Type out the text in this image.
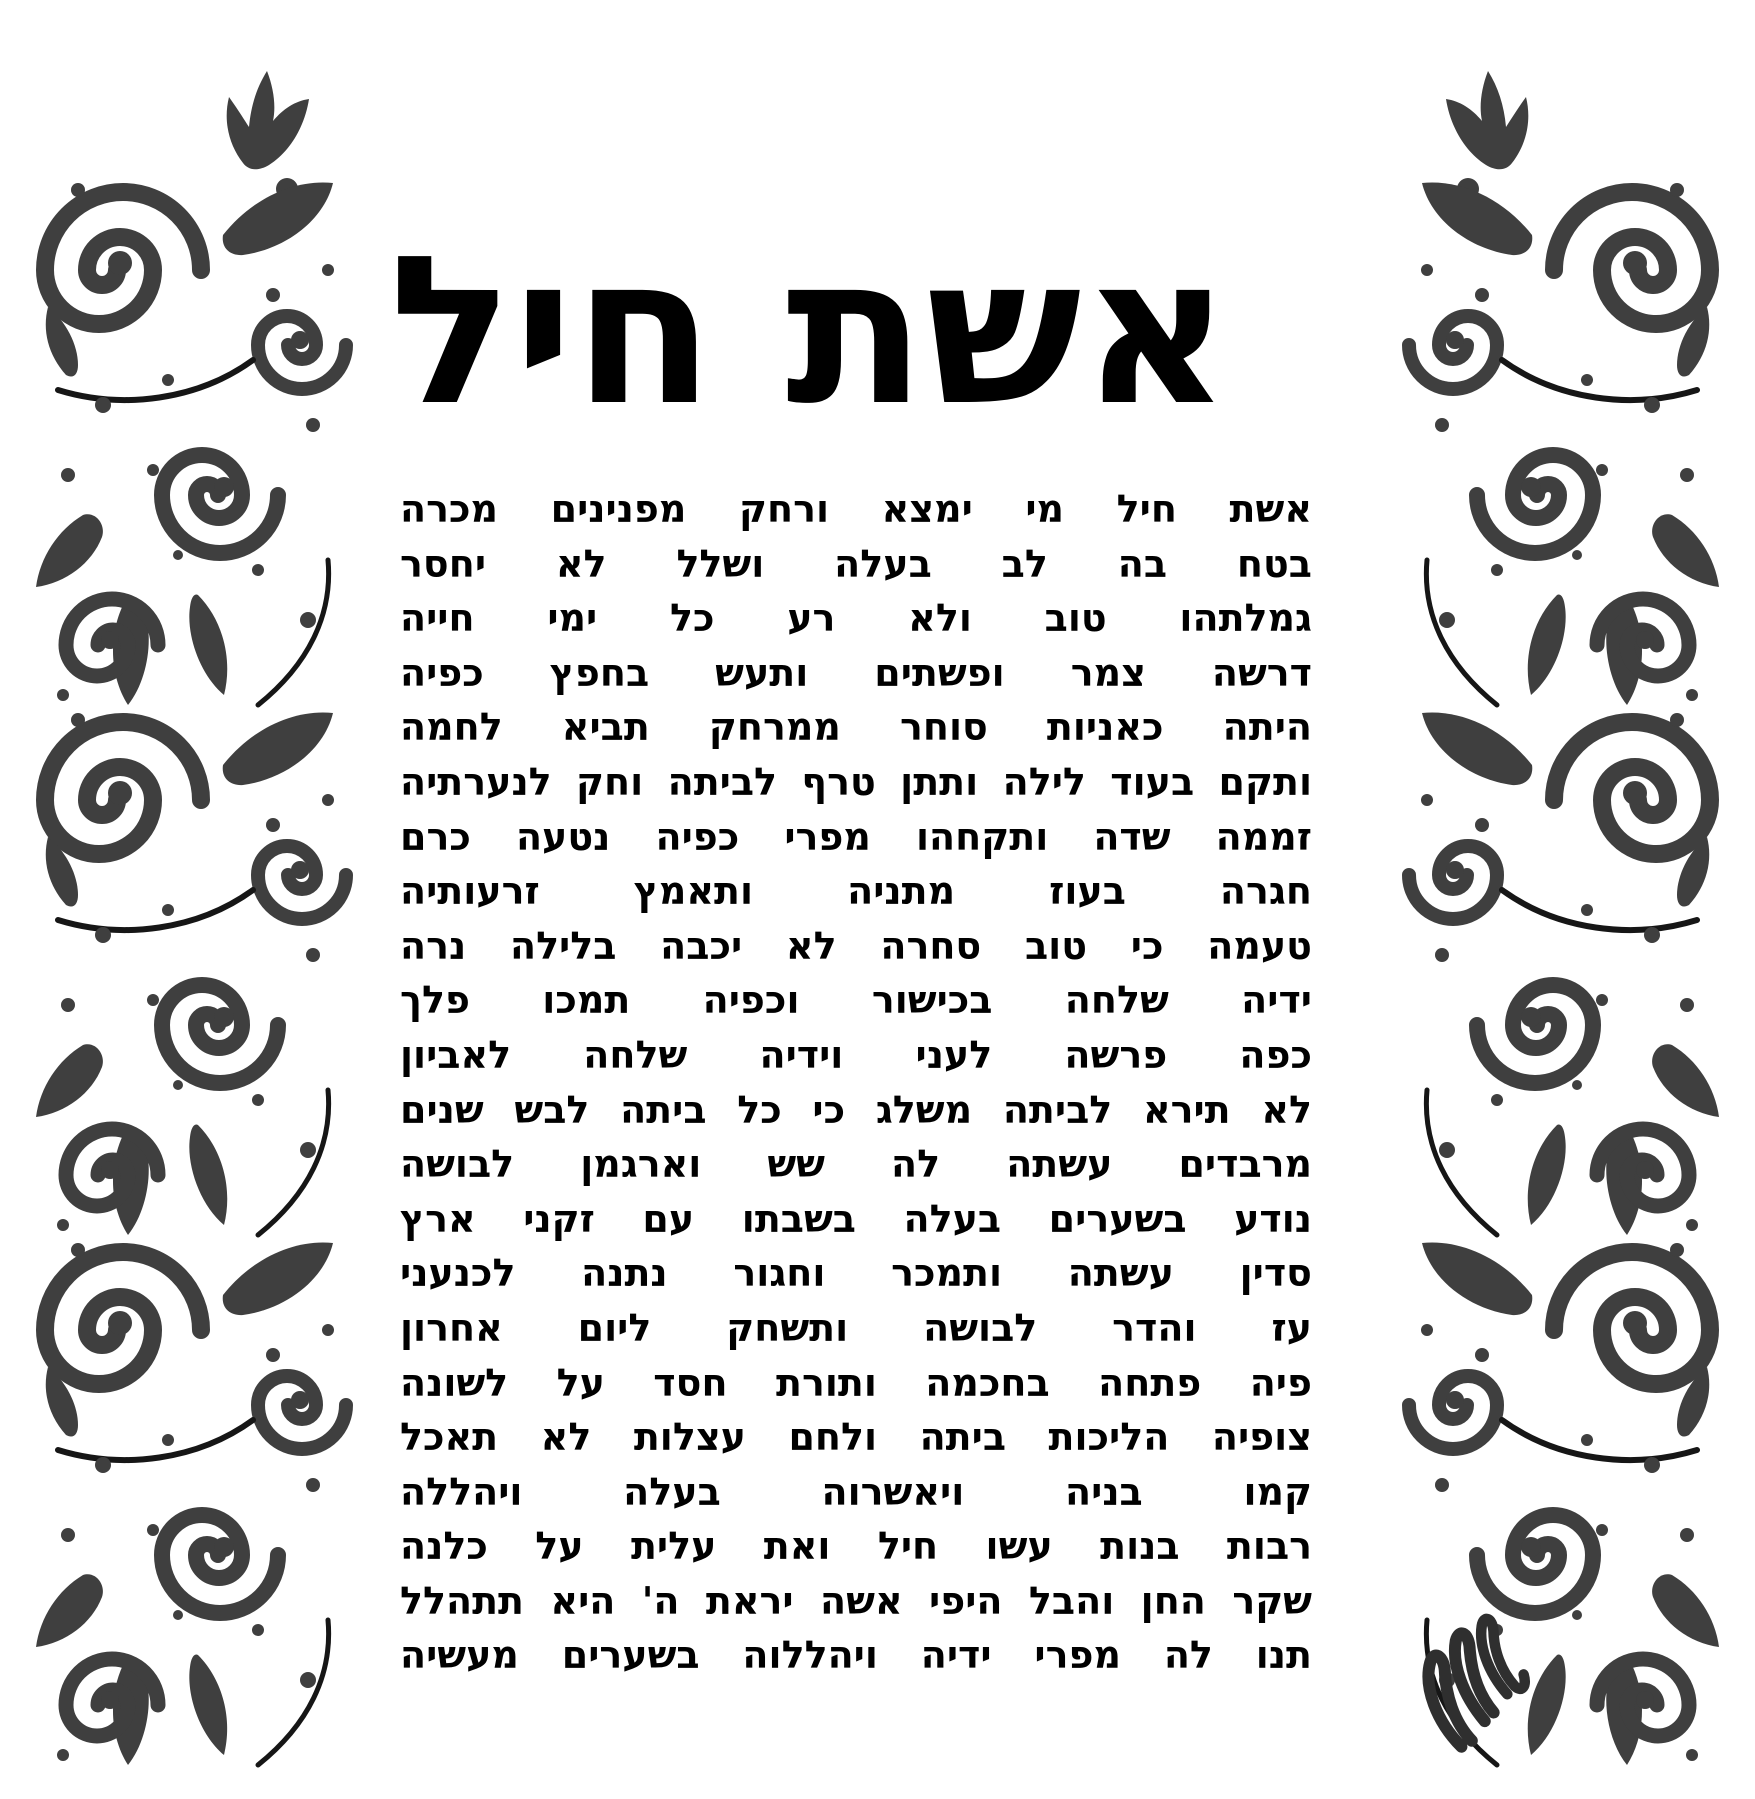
אשת חיל
אשת חיל מי ימצא ורחק מפנינים מכרה
בטח בה לב בעלה ושלל לא יחסר
גמלתהו טוב ולא רע כל ימי חייה
דרשה צמר ופשתים ותעש בחפץ כפיה
היתה כאניות סוחר ממרחק תביא לחמה
ותקם בעוד לילה ותתן טרף לביתה וחק לנערתיה
זממה שדה ותקחהו מפרי כפיה נטעה כרם
חגרה בעוז מתניה ותאמץ זרעותיה
טעמה כי טוב סחרה לא יכבה בלילה נרה
ידיה שלחה בכישור וכפיה תמכו פלך
כפה פרשה לעני וידיה שלחה לאביון
לא תירא לביתה משלג כי כל ביתה לבש שנים
מרבדים עשתה לה שש וארגמן לבושה
נודע בשערים בעלה בשבתו עם זקני ארץ
סדין עשתה ותמכר וחגור נתנה לכנעני
עז והדר לבושה ותשחק ליום אחרון
פיה פתחה בחכמה ותורת חסד על לשונה
צופיה הליכות ביתה ולחם עצלות לא תאכל
קמו בניה ויאשרוה בעלה ויהללה
רבות בנות עשו חיל ואת עלית על כלנה
שקר החן והבל היפי אשה יראת ה' היא תתהלל
תנו לה מפרי ידיה ויהללוה בשערים מעשיה
